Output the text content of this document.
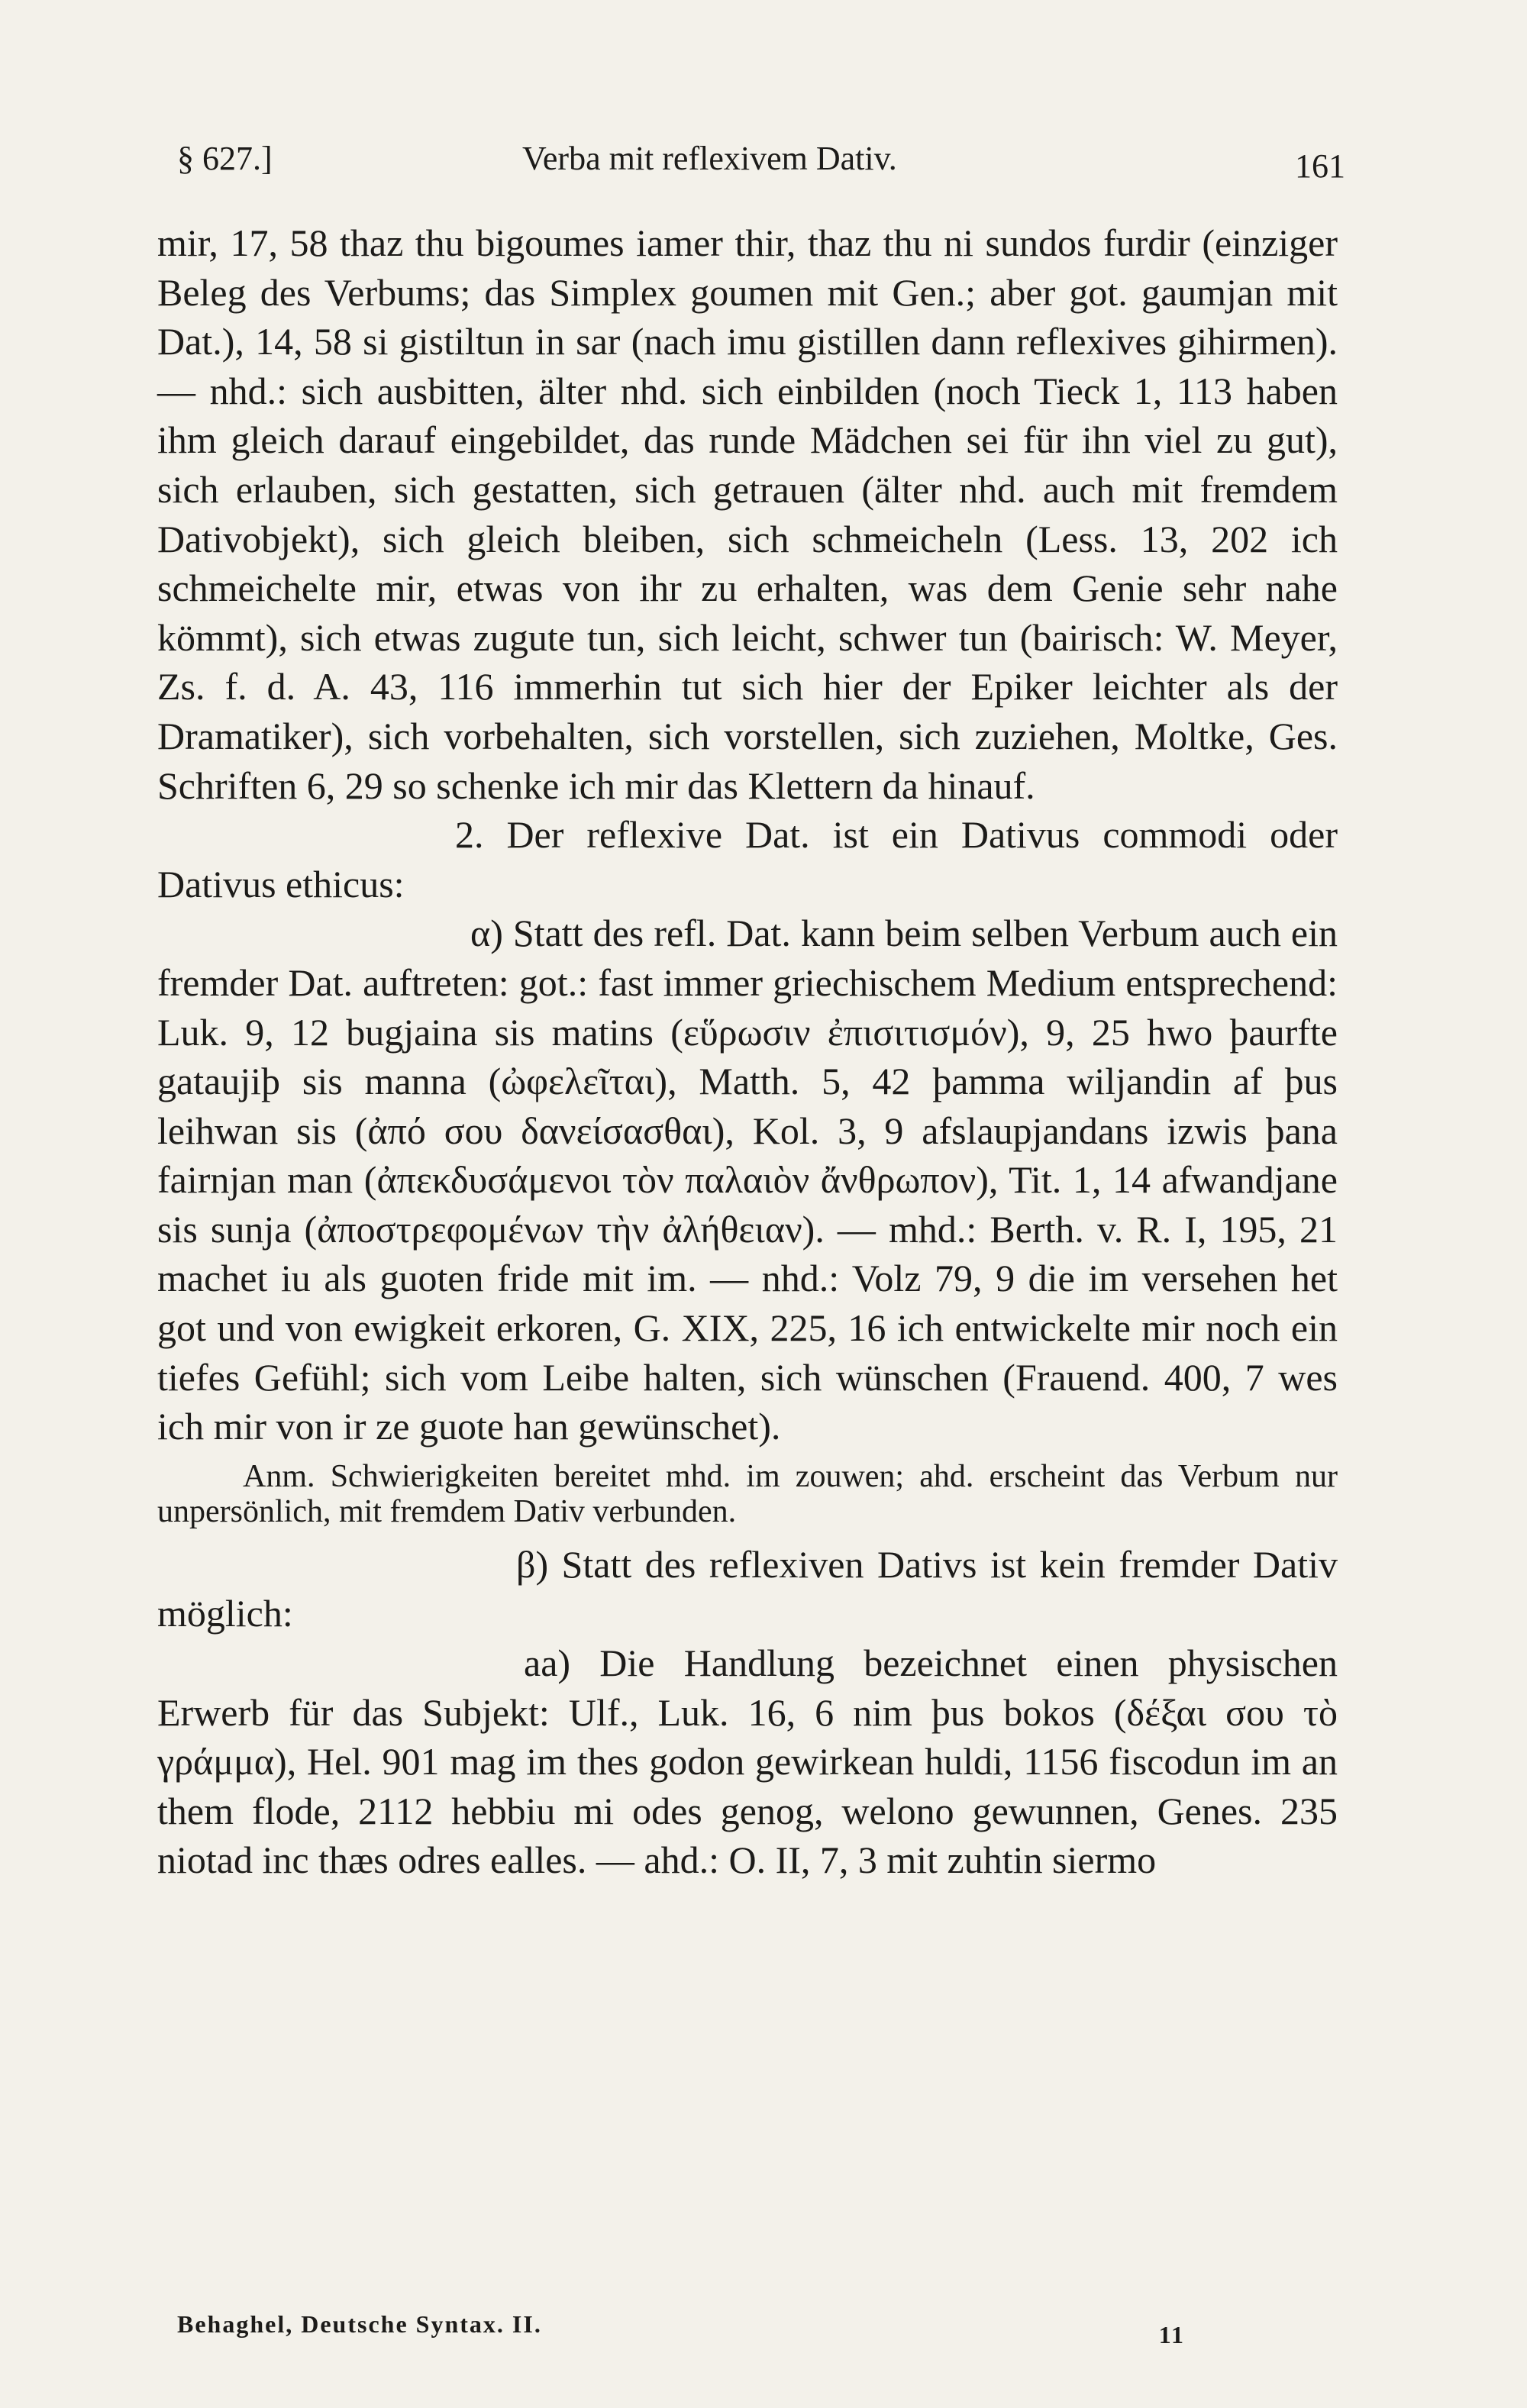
§ 627.]	Verba mit reflexivem Dativ.	161

mir, 17, 58 thaz thu bigoumes iamer thir, thaz thu ni sundos furdir (einziger Beleg des Verbums; das Simplex goumen mit Gen.; aber got. gaumjan mit Dat.), 14, 58 si gistiltun in sar (nach imu gistillen dann reflexives gihirmen). — nhd.: sich ausbitten, älter nhd. sich einbilden (noch Tieck 1, 113 haben ihm gleich darauf eingebildet, das runde Mädchen sei für ihn viel zu gut), sich erlauben, sich gestatten, sich getrauen (älter nhd. auch mit fremdem Dativobjekt), sich gleich bleiben, sich schmeicheln (Less. 13, 202 ich schmeichelte mir, etwas von ihr zu erhalten, was dem Genie sehr nahe kömmt), sich etwas zugute tun, sich leicht, schwer tun (bairisch: W. Meyer, Zs. f. d. A. 43, 116 immerhin tut sich hier der Epiker leichter als der Dramatiker), sich vorbehalten, sich vorstellen, sich zuziehen, Moltke, Ges. Schriften 6, 29 so schenke ich mir das Klettern da hinauf.

2. Der reflexive Dat. ist ein Dativus commodi oder Dativus ethicus:

α) Statt des refl. Dat. kann beim selben Verbum auch ein fremder Dat. auftreten: got.: fast immer griechischem Medium entsprechend: Luk. 9, 12 bugjaina sis matins (εὕρωσιν ἐπισιτισμόν), 9, 25 hwo þaurfte gataujiþ sis manna (ὠφελεῖται), Matth. 5, 42 þamma wiljandin af þus leihwan sis (ἀπό σου δανείσασθαι), Kol. 3, 9 afslaupjandans izwis þana fairnjan man (ἀπεκδυσάμενοι τὸν παλαιὸν ἄνθρωπον), Tit. 1, 14 afwandjane sis sunja (ἀποστρεφομένων τὴν ἀλήθειαν). — mhd.: Berth. v. R. I, 195, 21 machet iu als guoten fride mit im. — nhd.: Volz 79, 9 die im versehen het got und von ewigkeit erkoren, G. XIX, 225, 16 ich entwickelte mir noch ein tiefes Gefühl; sich vom Leibe halten, sich wünschen (Frauend. 400, 7 wes ich mir von ir ze guote han gewünschet).

Anm. Schwierigkeiten bereitet mhd. im zouwen; ahd. erscheint das Verbum nur unpersönlich, mit fremdem Dativ verbunden.

β) Statt des reflexiven Dativs ist kein fremder Dativ möglich:

aa) Die Handlung bezeichnet einen physischen Erwerb für das Subjekt: Ulf., Luk. 16, 6 nim þus bokos (δέξαι σου τὸ γράμμα), Hel. 901 mag im thes godon gewirkean huldi, 1156 fiscodun im an them flode, 2112 hebbiu mi odes genog, welono gewunnen, Genes. 235 niotad inc thæs odres ealles. — ahd.: O. II, 7, 3 mit zuhtin siermo

Behaghel, Deutsche Syntax. II.	11
